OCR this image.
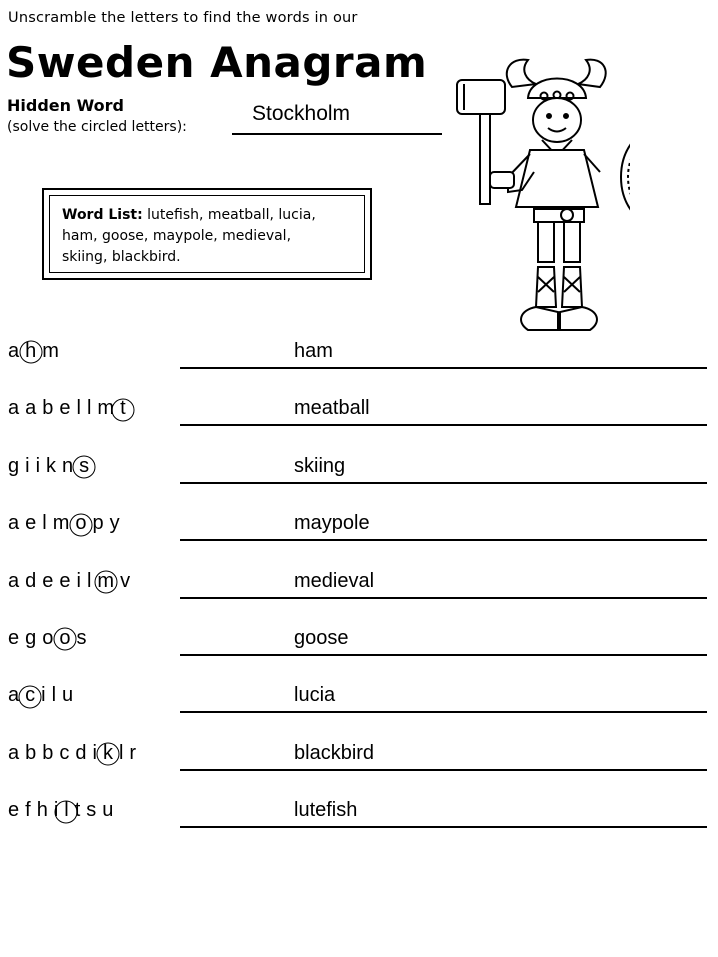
Unscramble the letters to find the words in our
Sweden Anagram
Hidden Word
(solve the circled letters):
Stockholm
Word List: lutefish, meatball, lucia,
ham, goose, maypole, medieval,
skiing, blackbird.
a h m	ham
a a b e l l m t	meatball
g i i k n s	skiing
a e l m o p y	maypole
a d e e i l m v	medieval
e g o o s	goose
a c i l u	lucia
a b b c d i k l r	blackbird
e f h i l t s u	lutefish
